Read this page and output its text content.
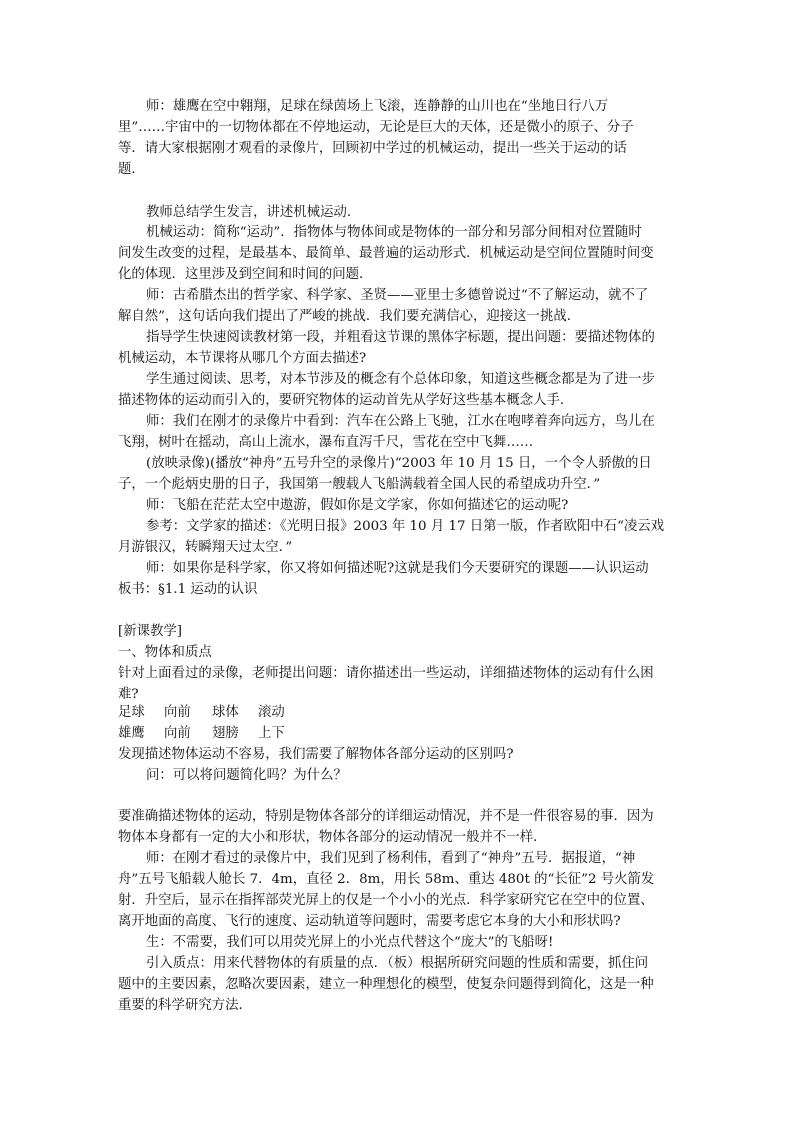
师：雄鹰在空中翱翔，足球在绿茵场上飞滚，连静静的山川也在“坐地日行八万
里”……宇宙中的一切物体都在不停地运动，无论是巨大的天体，还是微小的原子、分子
等．请大家根据刚才观看的录像片，回顾初中学过的机械运动，提出一些关于运动的话
题．
教师总结学生发言，讲述机械运动．
机械运动：简称“运动”．指物体与物体间或是物体的一部分和另部分间相对位置随时
间发生改变的过程，是最基本、最简单、最普遍的运动形式．机械运动是空间位置随时间变
化的体现．这里涉及到空间和时间的问题．
师：古希腊杰出的哲学家、科学家、圣贤——亚里士多德曾说过“不了解运动，就不了
解自然”，这句话向我们提出了严峻的挑战．我们要充满信心，迎接这一挑战．
指导学生快速阅读教材第一段，并粗看这节课的黑体字标题，提出问题：要描述物体的
机械运动，本节课将从哪几个方面去描述?
学生通过阅读、思考，对本节涉及的概念有个总体印象，知道这些概念都是为了进一步
描述物体的运动而引入的，要研究物体的运动首先从学好这些基本概念人手．
师：我们在刚才的录像片中看到：汽车在公路上飞驰，江水在咆哮着奔向远方，鸟儿在
飞翔，树叶在摇动，高山上流水，瀑布直泻千尺，雪花在空中飞舞……
(放映录像)(播放“神舟”五号升空的录像片)“2003 年 10 月 15 日，一个令人骄傲的日
子，一个彪炳史册的日子，我国第一艘载人飞船满载着全国人民的希望成功升空．”
师：飞船在茫茫太空中遨游，假如你是文学家，你如何描述它的运动呢?
参考：文学家的描述：《光明日报》2003 年 10 月 17 日第一版，作者欧阳中石“凌云戏
月游银汉，转瞬翔天过太空．”
师：如果你是科学家，你又将如何描述呢?这就是我们今天要研究的课题——认识运动
板书：§1.1 运动的认识
[新课教学]
一、物体和质点
针对上面看过的录像，老师提出问题：请你描述出一些运动，详细描述物体的运动有什么困
难?
足球 向前 球体 滚动
雄鹰 向前 翅膀 上下
发现描述物体运动不容易，我们需要了解物体各部分运动的区别吗?
问：可以将问题简化吗？为什么？
要准确描述物体的运动，特别是物体各部分的详细运动情况，并不是一件很容易的事．因为
物体本身都有一定的大小和形状，物体各部分的运动情况一般并不一样．
师：在刚才看过的录像片中，我们见到了杨利伟，看到了“神舟”五号．据报道，“神
舟”五号飞船载人舱长 7．4m，直径 2．8m，用长 58m、重达 480t 的“长征”2 号火箭发
射．升空后，显示在指挥部荧光屏上的仅是一个小小的光点．科学家研究它在空中的位置、
离开地面的高度、飞行的速度、运动轨道等问题时，需要考虑它本身的大小和形状吗?
生：不需要，我们可以用荧光屏上的小光点代替这个“庞大”的飞船呀!
引入质点：用来代替物体的有质量的点．（板）根据所研究问题的性质和需要，抓住问
题中的主要因素，忽略次要因素，建立一种理想化的模型，使复杂问题得到简化，这是一种
重要的科学研究方法．
